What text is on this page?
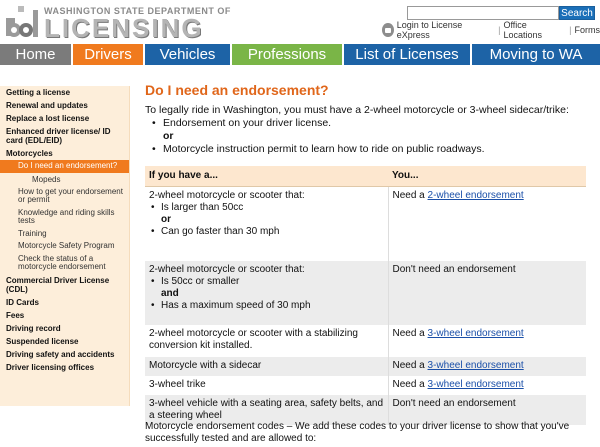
WASHINGTON STATE DEPARTMENT OF
LICENSING	Search
Login to License eXpress	| Office Locations	| Forms
Home	Drivers	Vehicles	Professions	List of Licenses	Moving to WA
Getting a license
Renewal and updates
Replace a lost license
Enhanced driver license/ ID card (EDL/EID)
Motorcycles
Do I need an endorsement?
Mopeds
How to get your endorsement or permit
Knowledge and riding skills tests
Training
Motorcycle Safety Program
Check the status of a motorcycle endorsement
Commercial Driver License (CDL)
ID Cards
Fees
Driving record
Suspended license
Driving safety and accidents
Driver licensing offices
Do I need an endorsement?
To legally ride in Washington, you must have a 2-wheel motorcycle or 3-wheel sidecar/trike:
• Endorsement on your driver license.
or
• Motorcycle instruction permit to learn how to ride on public roadways.
If you have a...	You...

2-wheel motorcycle or scooter that:
• Is larger than 50cc
or
• Can go faster than 30 mph	Need a 2-wheel endorsement

2-wheel motorcycle or scooter that:
• Is 50cc or smaller
and
• Has a maximum speed of 30 mph	Don't need an endorsement
2-wheel motorcycle or scooter with a stabilizing conversion kit installed.	Need a 3-wheel endorsement
Motorcycle with a sidecar	Need a 3-wheel endorsement
3-wheel trike	Need a 3-wheel endorsement
3-wheel vehicle with a seating area, safety belts, and a steering wheel	Don't need an endorsement
Motorcycle endorsement codes – We add these codes to your driver license to show that you've successfully tested and are allowed to:
